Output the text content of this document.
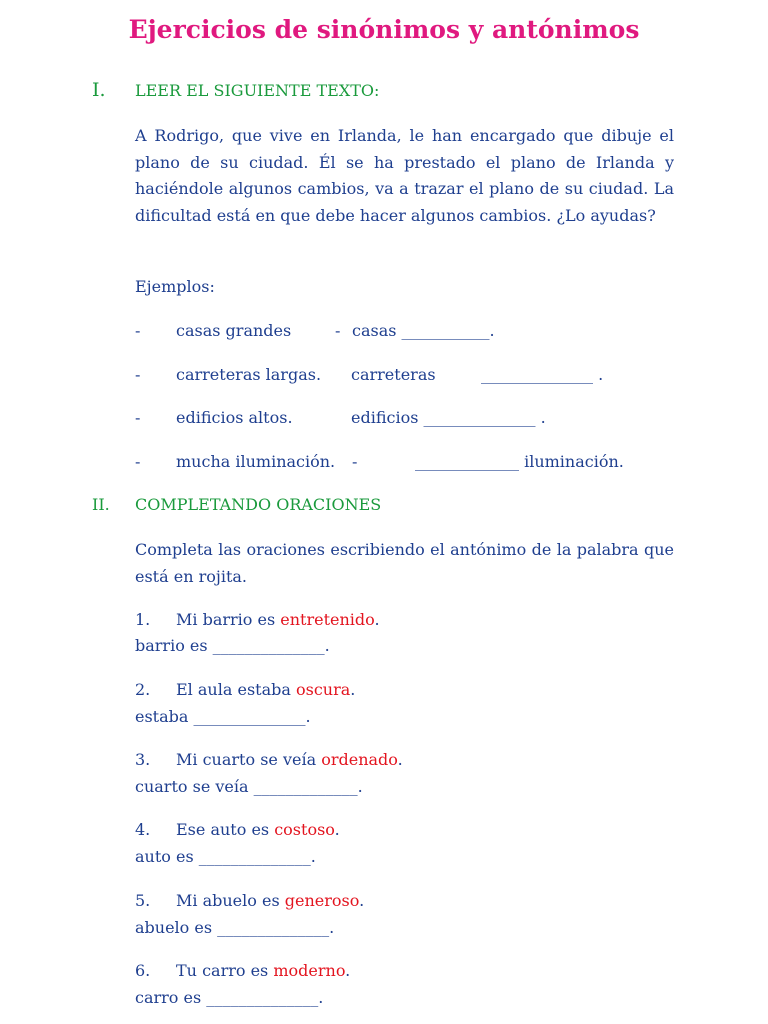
Ejercicios de sinónimos y antónimos
I. LEER EL SIGUIENTE TEXTO:
A Rodrigo, que vive en Irlanda, le han encargado que dibuje el plano de su ciudad. Él se ha prestado el plano de Irlanda y haciéndole algunos cambios, va a trazar el plano de su ciudad. La dificultad está en que debe hacer algunos cambios. ¿Lo ayudas?
Ejemplos:
- casas grandes	- casas ___________.
- carreteras largas. carreteras	______________ .
- edificios altos.	edificios ______________ .
- mucha iluminación. -	_____________ iluminación.
II. COMPLETANDO ORACIONES
Completa las oraciones escribiendo el antónimo de la palabra que está en rojita.
1. Mi barrio es entretenido.
barrio es ______________.
2. El aula estaba oscura.
estaba ______________.
3. Mi cuarto se veía ordenado.
cuarto se veía _____________.
4. Ese auto es costoso.
auto es ______________.
5. Mi abuelo es generoso.
abuelo es ______________.
6. Tu carro es moderno.
carro es ______________.
